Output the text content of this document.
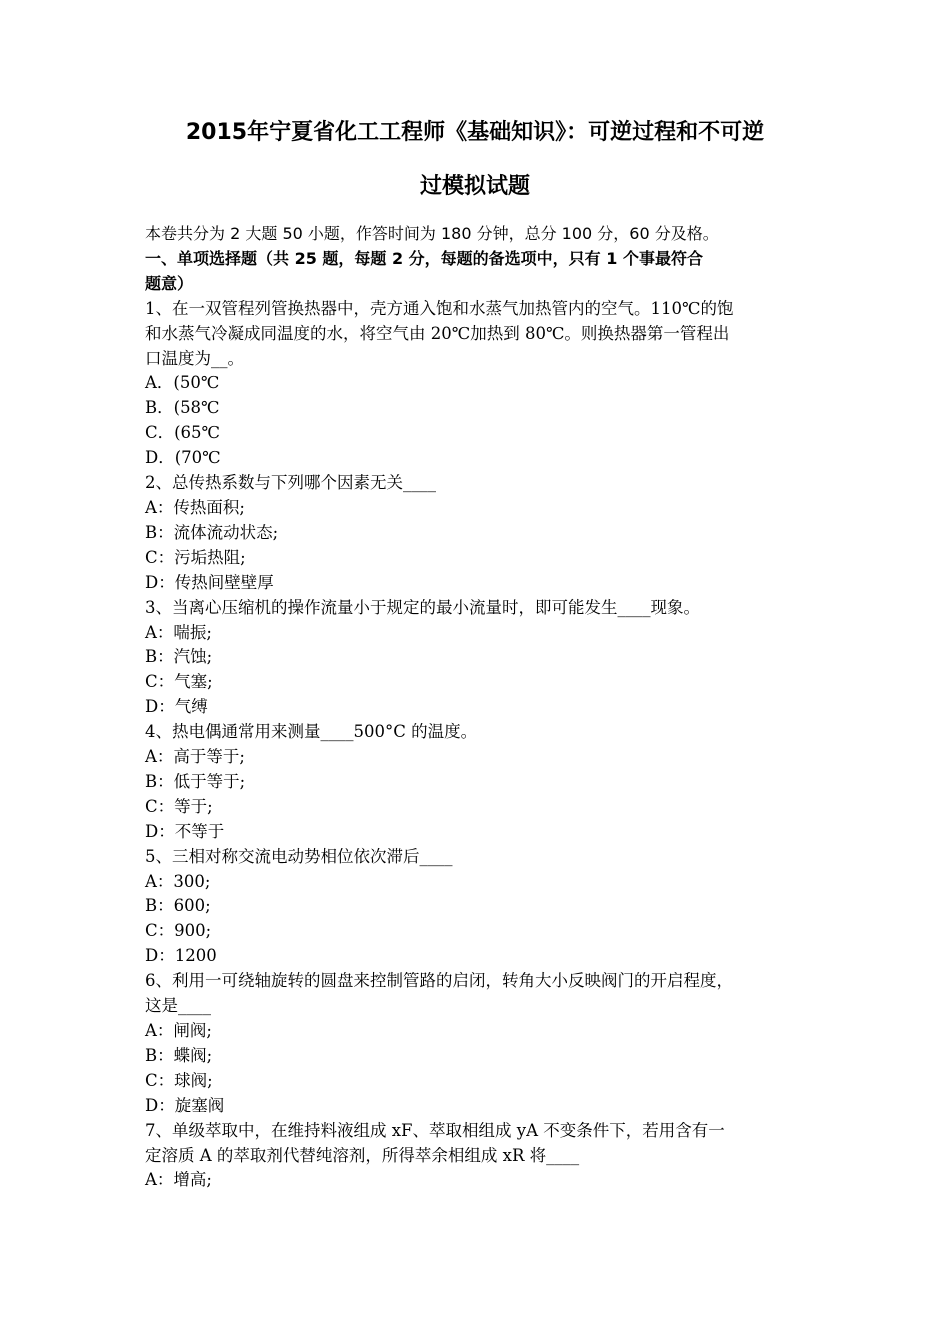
2015年宁夏省化工工程师《基础知识》：可逆过程和不可逆
过模拟试题
本卷共分为 2 大题 50 小题，作答时间为 180 分钟，总分 100 分，60 分及格。
一、单项选择题（共 25 题，每题 2 分，每题的备选项中，只有 1 个事最符合
题意）
1、在一双管程列管换热器中，壳方通入饱和水蒸气加热管内的空气。110℃的饱
和水蒸气冷凝成同温度的水，将空气由 20℃加热到 80℃。则换热器第一管程出
口温度为__。
A．(50℃
B．(58℃
C．(65℃
D．(70℃
2、总传热系数与下列哪个因素无关____
A：传热面积;
B：流体流动状态;
C：污垢热阻;
D：传热间壁壁厚
3、当离心压缩机的操作流量小于规定的最小流量时，即可能发生____现象。
A：喘振;
B：汽蚀;
C：气塞;
D：气缚
4、热电偶通常用来测量____500°C 的温度。
A：高于等于;
B：低于等于;
C：等于;
D：不等于
5、三相对称交流电动势相位依次滞后____
A：300;
B：600;
C：900;
D：1200
6、利用一可绕轴旋转的圆盘来控制管路的启闭，转角大小反映阀门的开启程度，
这是____
A：闸阀;
B：蝶阀;
C：球阀;
D：旋塞阀
7、单级萃取中，在维持料液组成 xF、萃取相组成 yA 不变条件下，若用含有一
定溶质 A 的萃取剂代替纯溶剂，所得萃余相组成 xR 将____
A：增高;
